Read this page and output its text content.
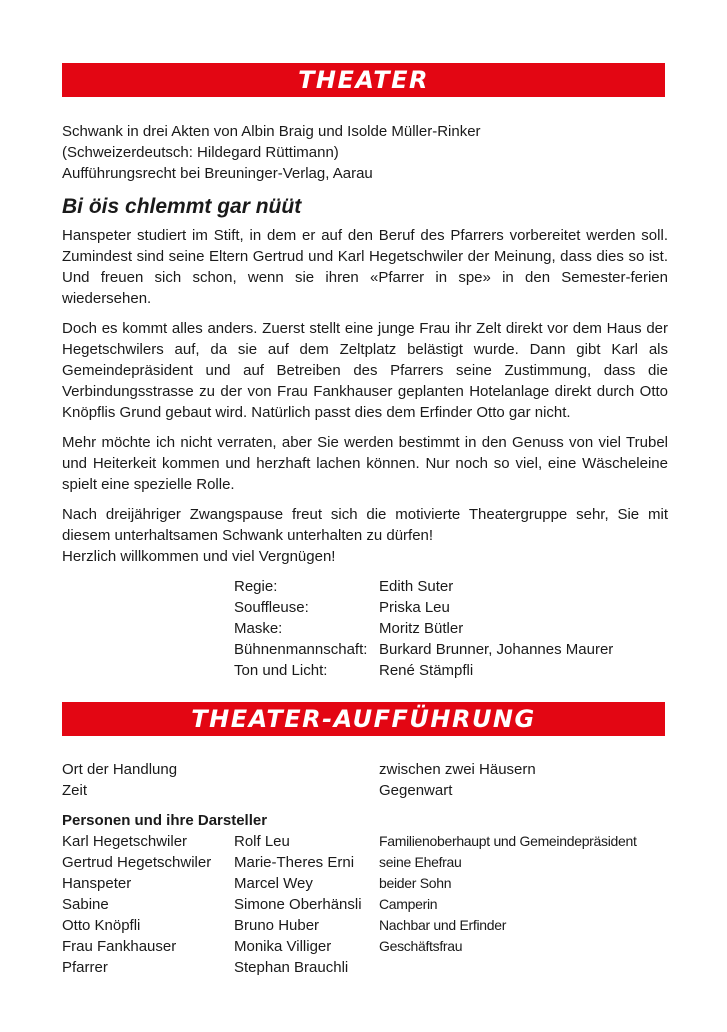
THEATER
Schwank in drei Akten von Albin Braig und Isolde Müller-Rinker
(Schweizerdeutsch: Hildegard Rüttimann)
Aufführungsrecht bei Breuninger-Verlag, Aarau
Bi öis chlemmt gar nüüt
Hanspeter studiert im Stift, in dem er auf den Beruf des Pfarrers vorbereitet werden soll. Zumindest sind seine Eltern Gertrud und Karl Hegetschwiler der Meinung, dass dies so ist. Und freuen sich schon, wenn sie ihren «Pfarrer in spe» in den Semester-ferien wiedersehen.
Doch es kommt alles anders. Zuerst stellt eine junge Frau ihr Zelt direkt vor dem Haus der Hegetschwilers auf, da sie auf dem Zeltplatz belästigt wurde. Dann gibt Karl als Gemeindepräsident und auf Betreiben des Pfarrers seine Zustimmung, dass die Verbindungsstrasse zu der von Frau Fankhauser geplanten Hotelanlage direkt durch Otto Knöpflis Grund gebaut wird. Natürlich passt dies dem Erfinder Otto gar nicht.
Mehr möchte ich nicht verraten, aber Sie werden bestimmt in den Genuss von viel Trubel und Heiterkeit kommen und herzhaft lachen können. Nur noch so viel, eine Wäscheleine spielt eine spezielle Rolle.
Nach dreijähriger Zwangspause freut sich die motivierte Theatergruppe sehr, Sie mit diesem unterhaltsamen Schwank unterhalten zu dürfen!
Herzlich willkommen und viel Vergnügen!
Regie:	Edith Suter
Souffleuse:	Priska Leu
Maske:	Moritz Bütler
Bühnenmannschaft: Burkard Brunner, Johannes Maurer
Ton und Licht:	René Stämpfli
THEATER-AUFFÜHRUNG
Ort der Handlung	zwischen zwei Häusern
Zeit	Gegenwart
Personen und ihre Darsteller
Karl Hegetschwiler	Rolf Leu	Familienoberhaupt und Gemeindepräsident
Gertrud Hegetschwiler	Marie-Theres Erni	seine Ehefrau
Hanspeter	Marcel Wey	beider Sohn
Sabine	Simone Oberhänsli	Camperin
Otto Knöpfli	Bruno Huber	Nachbar und Erfinder
Frau Fankhauser	Monika Villiger	Geschäftsfrau
Pfarrer	Stephan Brauchli
